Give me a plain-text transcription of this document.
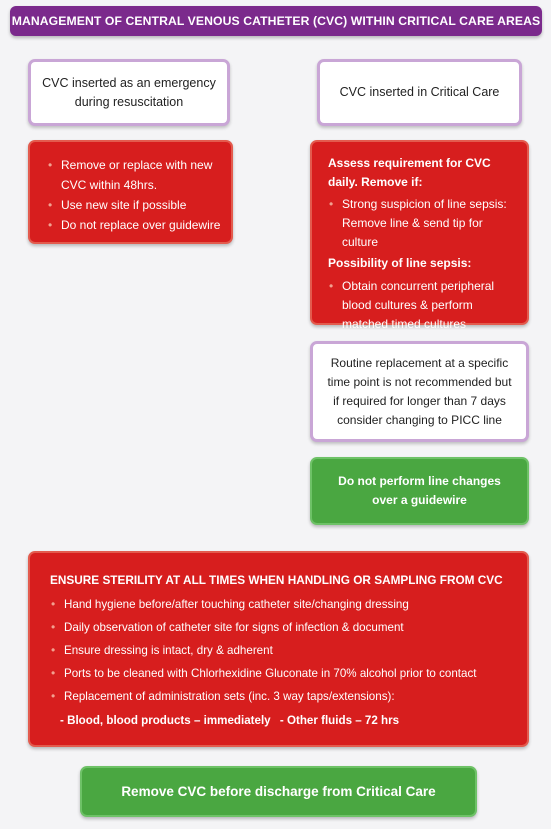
MANAGEMENT OF CENTRAL VENOUS CATHETER (CVC) WITHIN CRITICAL CARE AREAS
CVC inserted as an emergency
during resuscitation
• Remove or replace with new
CVC within 48hrs.
• Use new site if possible
• Do not replace over guidewire
CVC inserted in Critical Care
Assess requirement for CVC
daily. Remove if:
• Strong suspicion of line sepsis:
Remove line & send tip for culture
Possibility of line sepsis:
• Obtain concurrent peripheral
blood cultures & perform
matched timed cultures
Routine replacement at a specific
time point is not recommended but
if required for longer than 7 days
consider changing to PICC line
Do not perform line changes
over a guidewire
ENSURE STERILITY AT ALL TIMES WHEN HANDLING OR SAMPLING FROM CVC
• Hand hygiene before/after touching catheter site/changing dressing
• Daily observation of catheter site for signs of infection & document
• Ensure dressing is intact, dry & adherent
• Ports to be cleaned with Chlorhexidine Gluconate in 70% alcohol prior to contact
• Replacement of administration sets (inc. 3 way taps/extensions):
- Blood, blood products – immediately - Other fluids – 72 hrs
Remove CVC before discharge from Critical Care
